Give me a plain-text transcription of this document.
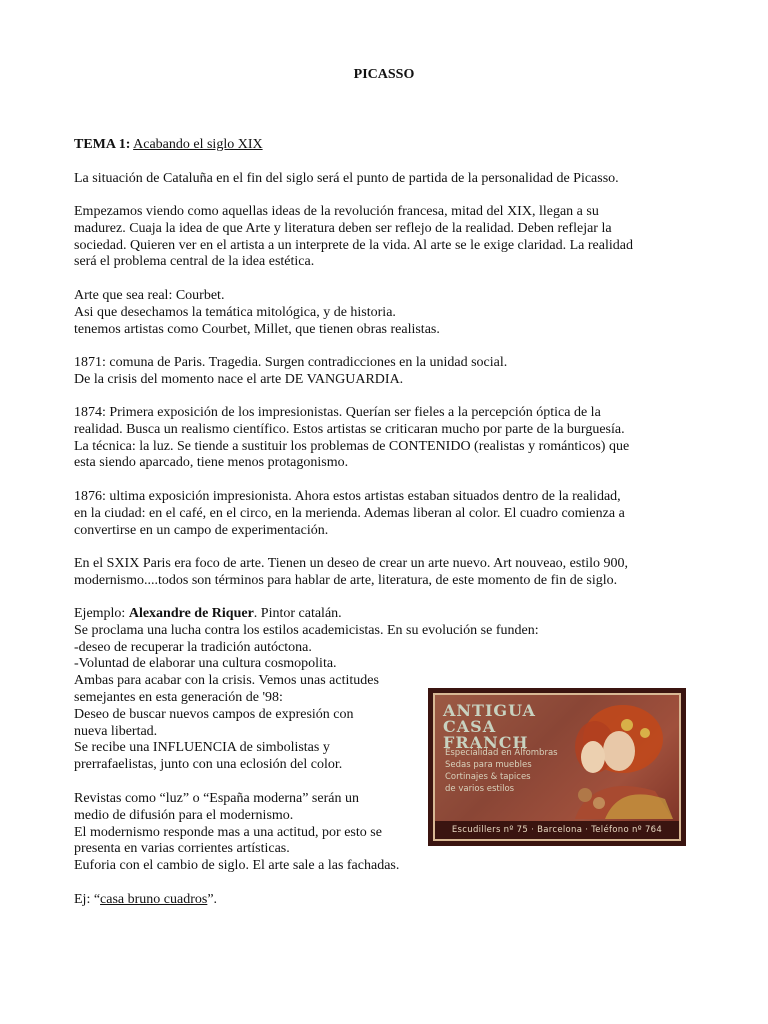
PICASSO

TEMA 1: Acabando el siglo XIX

La situación de Cataluña en el fin del siglo será el punto de partida de la personalidad de Picasso.

Empezamos viendo como aquellas ideas de la revolución francesa, mitad del XIX, llegan a su
madurez. Cuaja la idea de que Arte y literatura deben ser reflejo de la realidad. Deben reflejar la
sociedad. Quieren ver en el artista a un interprete de la vida. Al arte se le exige claridad. La realidad
será el problema central de la idea estética.
Arte que sea real: Courbet.
Asi que desechamos la temática mitológica, y de historia.
tenemos artistas como Courbet, Millet, que tienen obras realistas.
1871: comuna de Paris. Tragedia. Surgen contradicciones en la unidad social.
De la crisis del momento nace el arte DE VANGUARDIA.
1874: Primera exposición de los impresionistas. Querían ser fieles a la percepción óptica de la
realidad. Busca un realismo científico. Estos artistas se criticaran mucho por parte de la burguesía.
La técnica: la luz. Se tiende a sustituir los problemas de CONTENIDO (realistas y románticos) que
esta siendo aparcado, tiene menos protagonismo.
1876: ultima exposición impresionista. Ahora estos artistas estaban situados dentro de la realidad,
en la ciudad: en el café, en el circo, en la merienda. Ademas liberan al color. El cuadro comienza a
convertirse en un campo de experimentación.
En el SXIX Paris era foco de arte. Tienen un deseo de crear un arte nuevo. Art nouveao, estilo 900,
modernismo....todos son términos para hablar de arte, literatura, de este momento de fin de siglo.
Ejemplo: Alexandre de Riquer. Pintor catalán.
Se proclama una lucha contra los estilos academicistas. En su evolución se funden:
-deseo de recuperar la tradición autóctona.
-Voluntad de elaborar una cultura cosmopolita.
Ambas para acabar con la crisis. Vemos unas actitudes
semejantes en esta generación de '98:
Deseo de buscar nuevos campos de expresión con
nueva libertad.
Se recibe una INFLUENCIA de simbolistas y
prerrafaelistas, junto con una eclosión del color.
Revistas como “luz” o “España moderna” serán un
medio de difusión para el modernismo.
El modernismo responde mas a una actitud, por esto se
presenta en varias corrientes artísticas.
Euforia con el cambio de siglo. El arte sale a las fachadas.

Ej: “casa bruno cuadros”.

ANTIGUA
CASA
FRANCH
Especialidad en Alfombras
Sedas para muebles
Cortinajes & tapices
de varios estilos
Escudillers nº 75 · Barcelona · Teléfono nº 764
